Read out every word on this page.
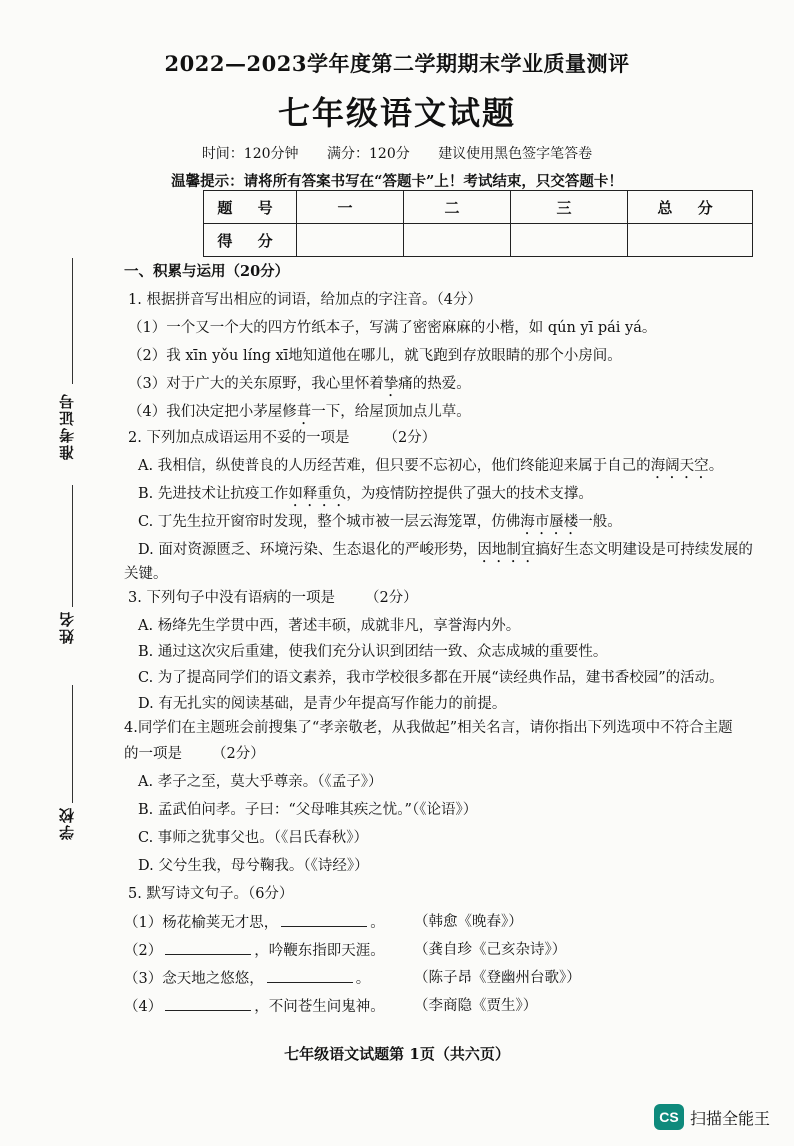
准考证号
姓名
学校
2022—2023学年度第二学期期末学业质量测评
七年级语文试题
时间：120分钟 满分：120分 建议使用黑色签字笔答卷
温馨提示：请将所有答案书写在“答题卡”上！考试结束，只交答题卡！
题 号	一	二	三	总 分
得 分				
一、积累与运用（20分）
1. 根据拼音写出相应的词语，给加点的字注音。（4分）
（1）一个又一个大的四方竹纸本子，写满了密密麻麻的小楷，如 qún yī pái yá。
（2）我 xīn yǒu líng xī地知道他在哪儿，就飞跑到存放眼睛的那个小房间。
（3）对于广大的关东原野，我心里怀着挚痛的热爱。
（4）我们决定把小茅屋修葺一下，给屋顶加点儿草。
2. 下列加点成语运用不妥的一项是 （2分）
A. 我相信，纵使普良的人历经苦难，但只要不忘初心，他们终能迎来属于自己的海阔天空。
B. 先进技术让抗疫工作如释重负，为疫情防控提供了强大的技术支撑。
C. 丁先生拉开窗帘时发现，整个城市被一层云海笼罩，仿佛海市蜃楼一般。
D. 面对资源匮乏、环境污染、生态退化的严峻形势，因地制宜搞好生态文明建设是可持续发展的
关键。
3. 下列句子中没有语病的一项是 （2分）
A. 杨绛先生学贯中西，著述丰硕，成就非凡，享誉海内外。
B. 通过这次灾后重建，使我们充分认识到团结一致、众志成城的重要性。
C. 为了提高同学们的语文素养，我市学校很多都在开展“读经典作品，建书香校园”的活动。
D. 有无扎实的阅读基础，是青少年提高写作能力的前提。
4.同学们在主题班会前搜集了“孝亲敬老，从我做起”相关名言，请你指出下列选项中不符合主题
的一项是 （2分）
A. 孝子之至，莫大乎尊亲。（《孟子》）
B. 孟武伯问孝。子曰：“父母唯其疾之忧。”（《论语》）
C. 事师之犹事父也。（《吕氏春秋》）
D. 父兮生我，母兮鞠我。（《诗经》）
5. 默写诗文句子。（6分）
（1）杨花榆荚无才思，	。 （韩愈《晚春》）
（2）	，吟鞭东指即天涯。 （龚自珍《己亥杂诗》）
（3）念天地之悠悠，	。	（陈子昂《登幽州台歌》）
（4）	，不问苍生问鬼神。 （李商隐《贾生》）
七年级语文试题第 1页（共六页）
CS 扫描全能王
